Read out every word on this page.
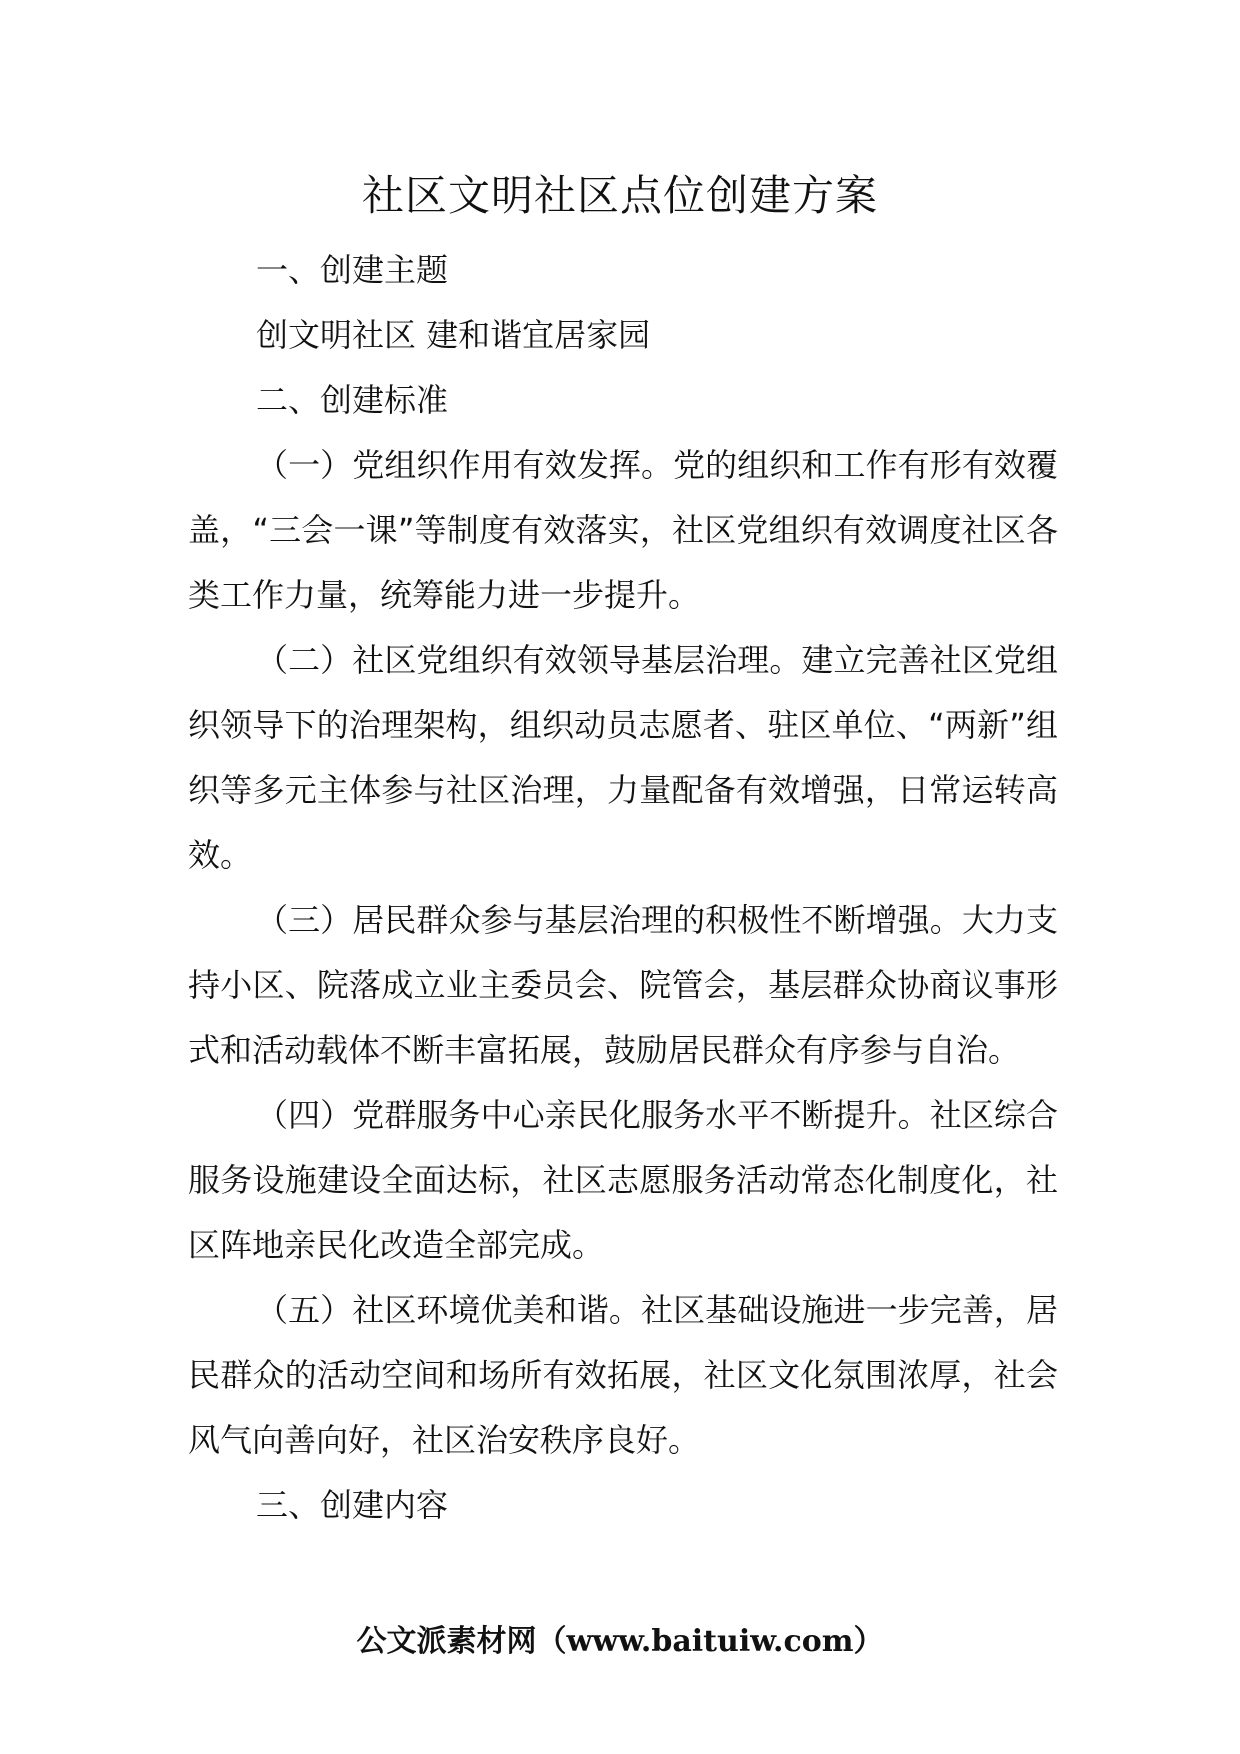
社区文明社区点位创建方案

一、创建主题

创文明社区 建和谐宜居家园

二、创建标准

（一）党组织作用有效发挥。党的组织和工作有形有效覆盖，“三会一课”等制度有效落实，社区党组织有效调度社区各类工作力量，统筹能力进一步提升。

（二）社区党组织有效领导基层治理。建立完善社区党组织领导下的治理架构，组织动员志愿者、驻区单位、“两新”组织等多元主体参与社区治理，力量配备有效增强，日常运转高效。

（三）居民群众参与基层治理的积极性不断增强。大力支持小区、院落成立业主委员会、院管会，基层群众协商议事形式和活动载体不断丰富拓展，鼓励居民群众有序参与自治。

（四）党群服务中心亲民化服务水平不断提升。社区综合服务设施建设全面达标，社区志愿服务活动常态化制度化，社区阵地亲民化改造全部完成。

（五）社区环境优美和谐。社区基础设施进一步完善，居民群众的活动空间和场所有效拓展，社区文化氛围浓厚，社会风气向善向好，社区治安秩序良好。

三、创建内容

公文派素材网（www.baituiw.com）
